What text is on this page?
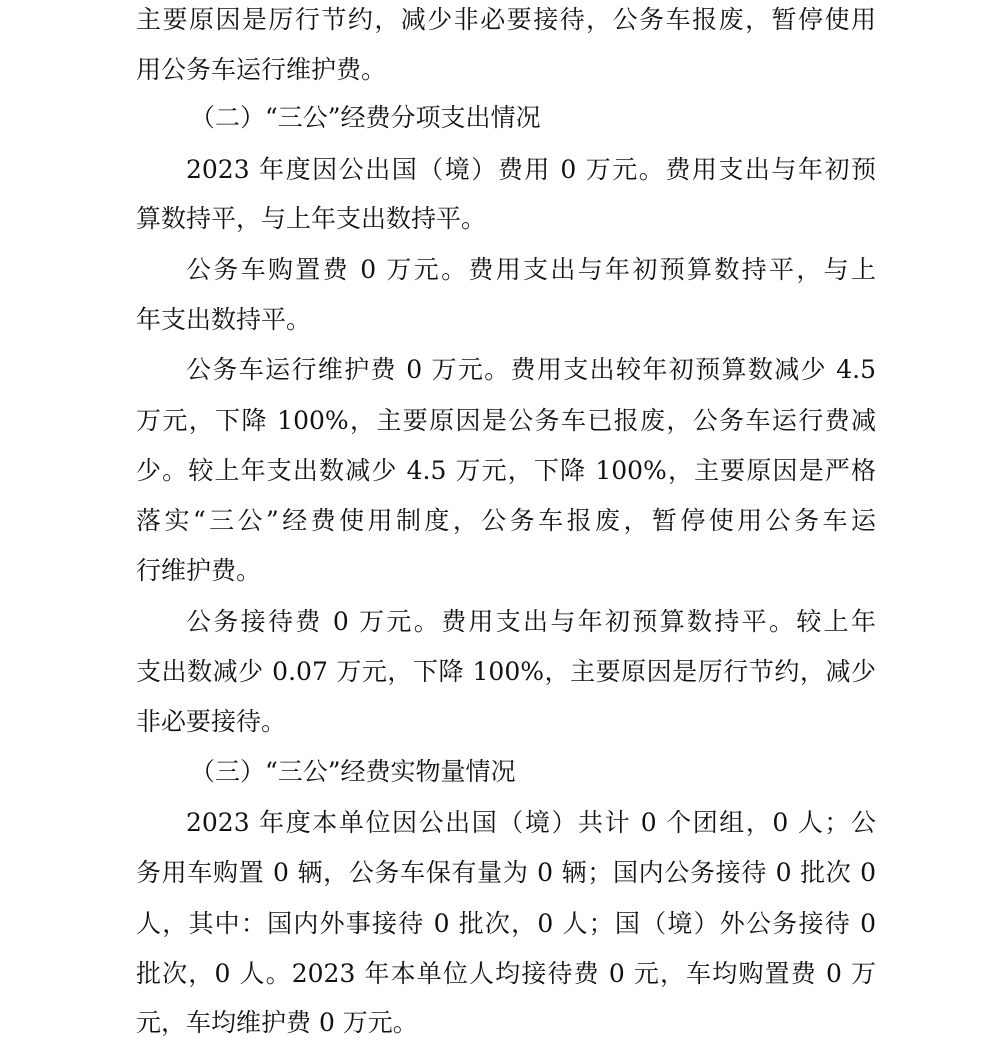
主要原因是厉行节约，减少非必要接待，公务车报废，暂停使用
用公务车运行维护费。
（二）“三公”经费分项支出情况
2023 年度因公出国（境）费用 0 万元。费用支出与年初预
算数持平，与上年支出数持平。
公务车购置费 0 万元。费用支出与年初预算数持平，与上
年支出数持平。
公务车运行维护费 0 万元。费用支出较年初预算数减少 4.5
万元，下降 100%，主要原因是公务车已报废，公务车运行费减
少。较上年支出数减少 4.5 万元，下降 100%，主要原因是严格
落实“三公”经费使用制度，公务车报废，暂停使用公务车运
行维护费。
公务接待费 0 万元。费用支出与年初预算数持平。较上年
支出数减少 0.07 万元，下降 100%，主要原因是厉行节约，减少
非必要接待。
（三）“三公”经费实物量情况
2023 年度本单位因公出国（境）共计 0 个团组，0 人；公
务用车购置 0 辆，公务车保有量为 0 辆；国内公务接待 0 批次 0
人，其中：国内外事接待 0 批次，0 人；国（境）外公务接待 0
批次，0 人。2023 年本单位人均接待费 0 元，车均购置费 0 万
元，车均维护费 0 万元。
